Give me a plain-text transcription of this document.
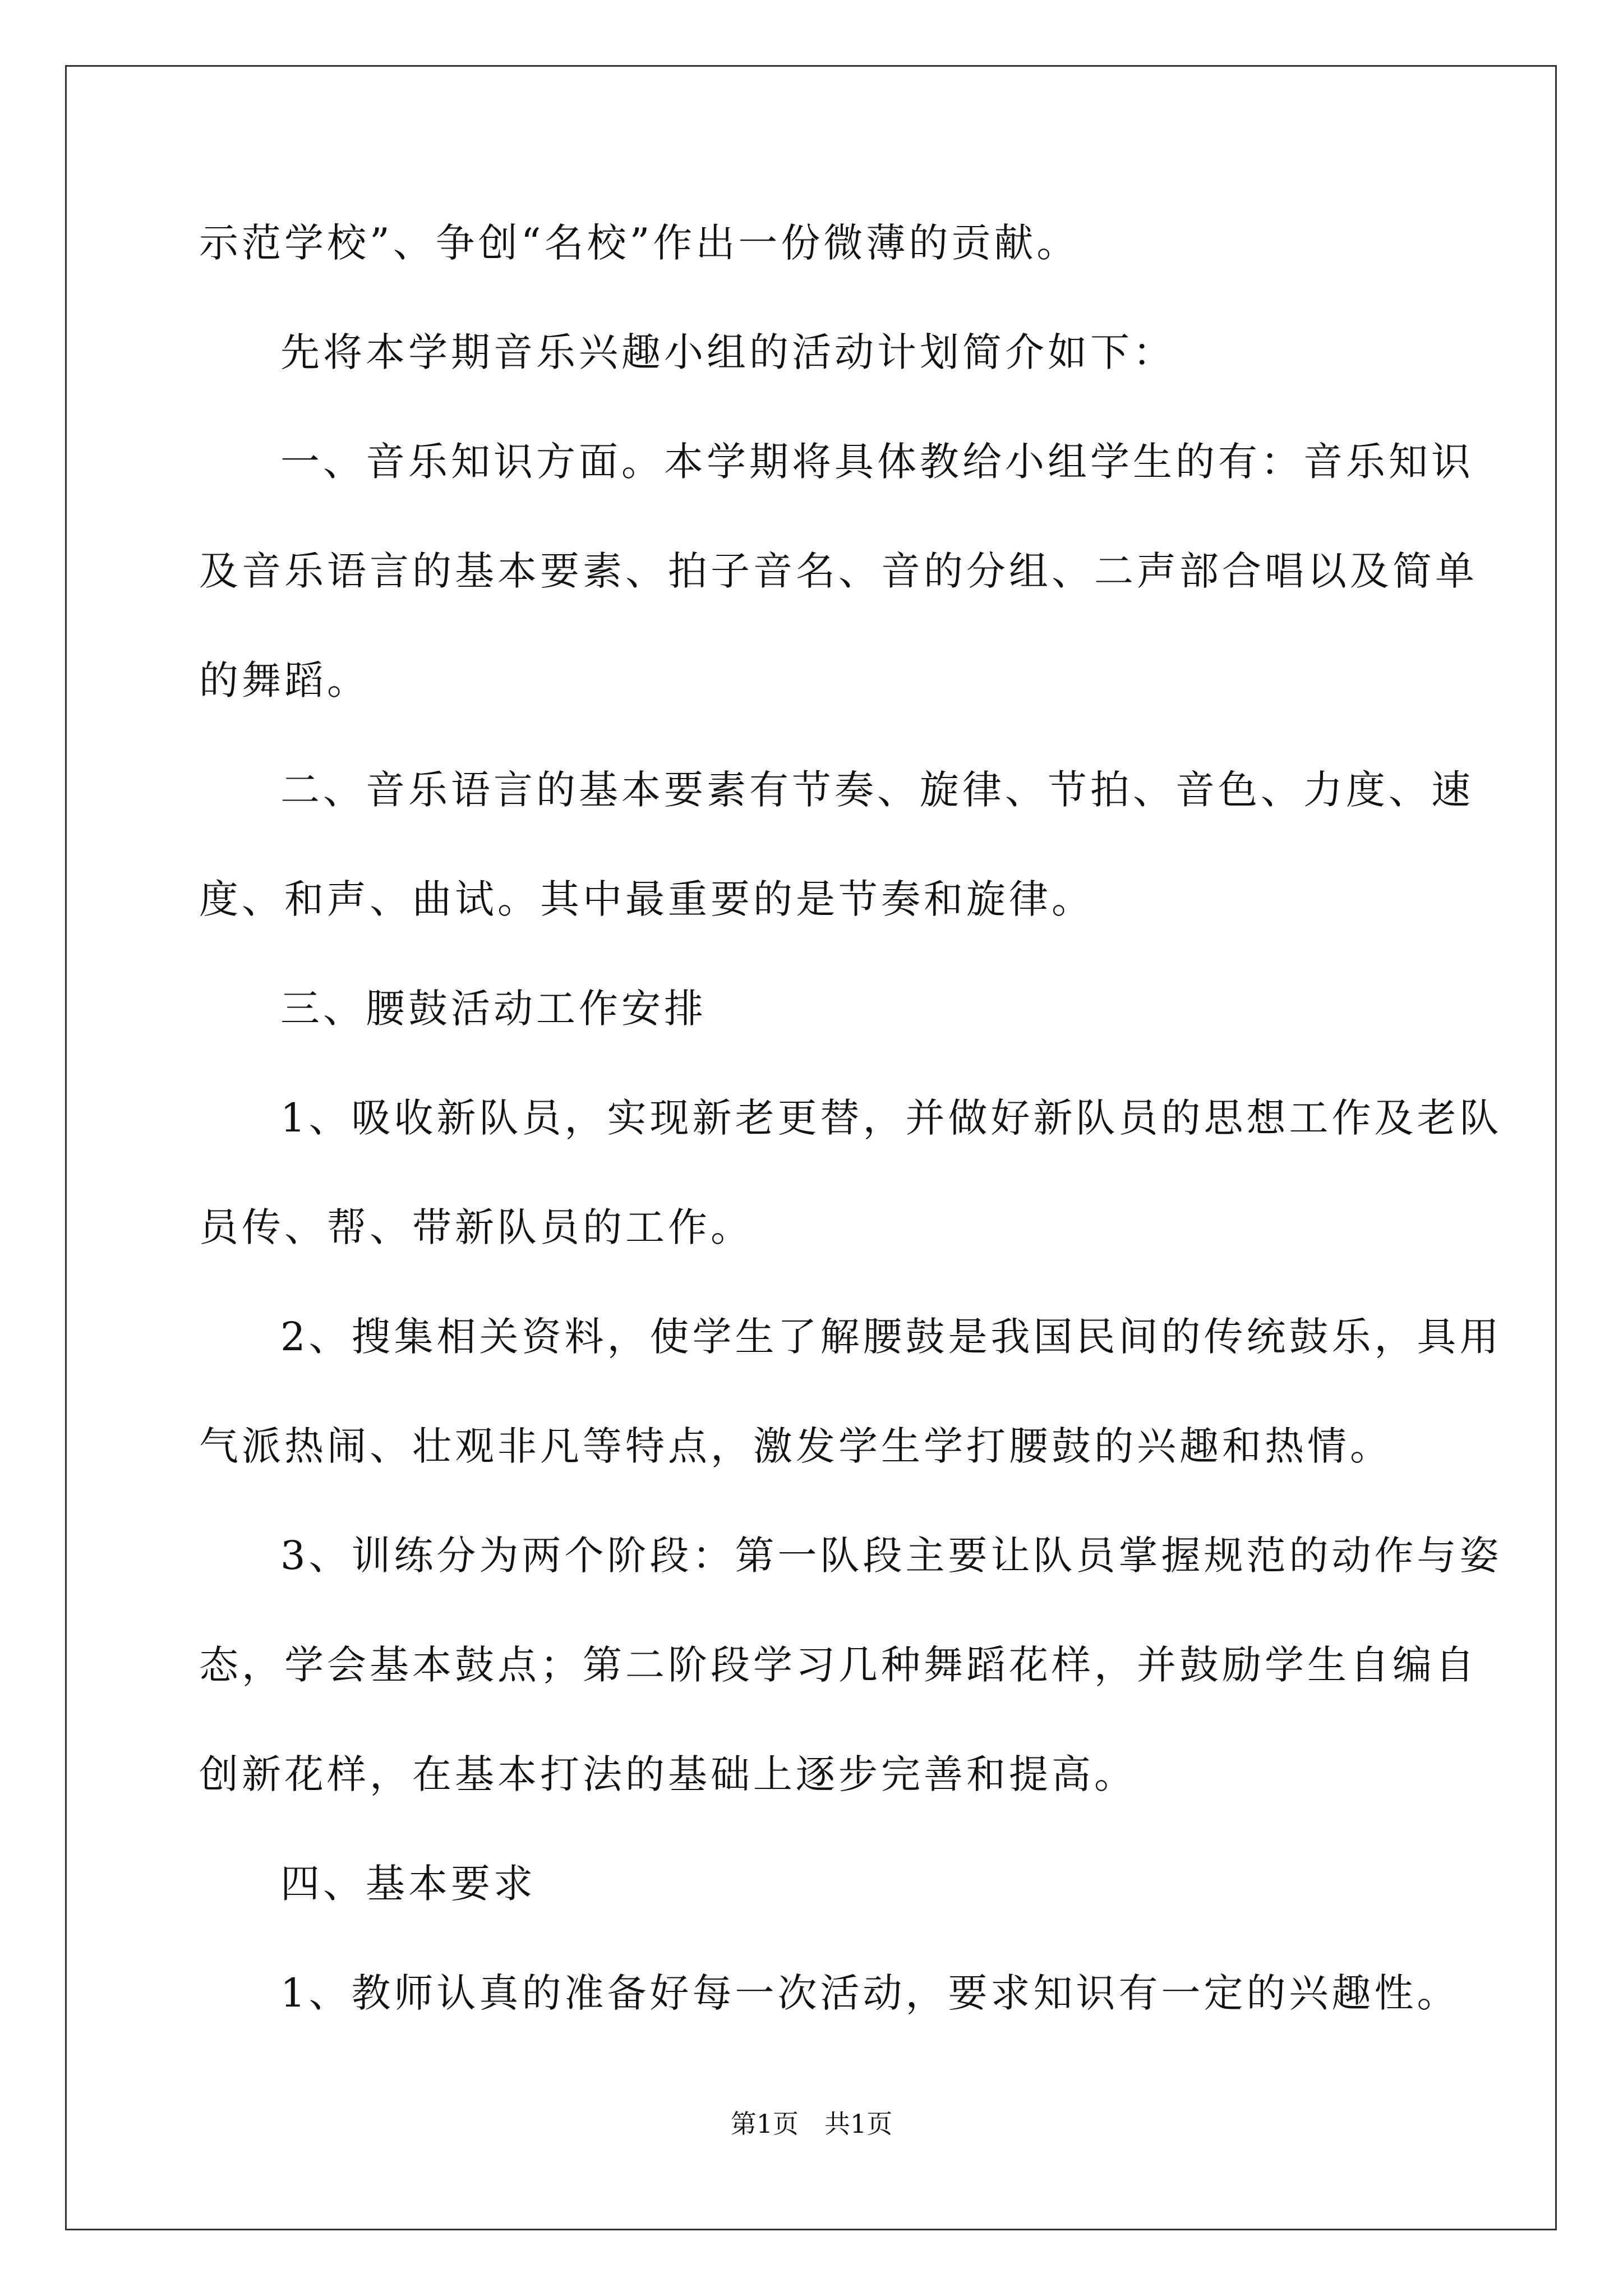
示范学校”、争创“名校”作出一份微薄的贡献。

先将本学期音乐兴趣小组的活动计划简介如下：

一、音乐知识方面。本学期将具体教给小组学生的有：音乐知识

及音乐语言的基本要素、拍子音名、音的分组、二声部合唱以及简单

的舞蹈。

二、音乐语言的基本要素有节奏、旋律、节拍、音色、力度、速

度、和声、曲试。其中最重要的是节奏和旋律。

三、腰鼓活动工作安排

1、吸收新队员，实现新老更替，并做好新队员的思想工作及老队

员传、帮、带新队员的工作。

2、搜集相关资料，使学生了解腰鼓是我国民间的传统鼓乐，具用

气派热闹、壮观非凡等特点，激发学生学打腰鼓的兴趣和热情。

3、训练分为两个阶段：第一队段主要让队员掌握规范的动作与姿

态，学会基本鼓点；第二阶段学习几种舞蹈花样，并鼓励学生自编自

创新花样，在基本打法的基础上逐步完善和提高。

四、基本要求

1、教师认真的准备好每一次活动，要求知识有一定的兴趣性。

第1页　共1页
